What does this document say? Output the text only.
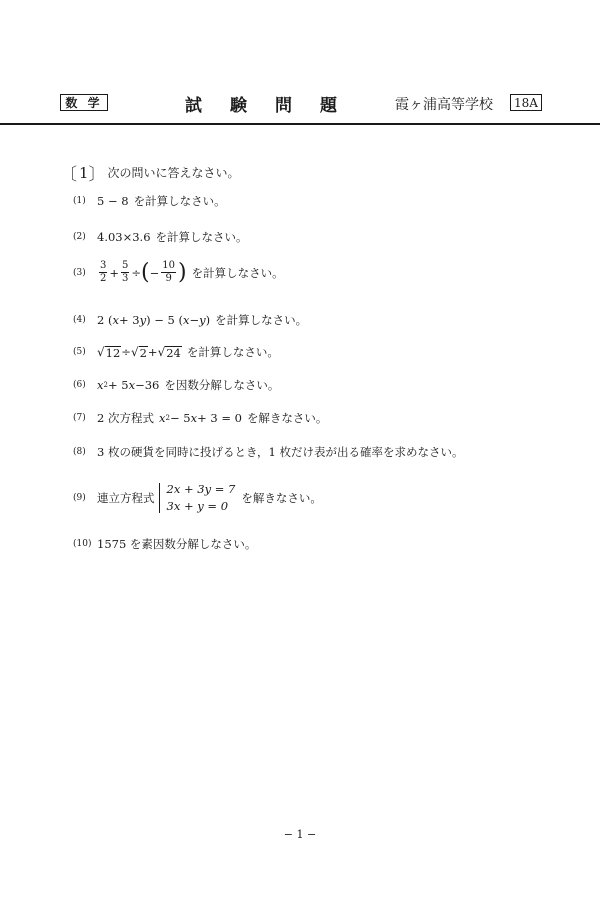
数 学	試験問題 霞ヶ浦高等学校	18A
〔 1 〕 次の問いに答えなさい。
(1) 5 − 8 を計算しなさい。
(2) 4.03×3.6 を計算しなさい。
(3)	$\frac{3}{2} + \frac{5}{3}$ ÷ ( − $\frac{10}{9}$ ) を計算しなさい。
(4) 2 ( x + 3 y ) − 5 ( x − y ) を計算しなさい。
(5) √ 12 ÷ √ 2 + √ 24 を計算しなさい。
(6) x 2 + 5 x −36 を因数分解しなさい。
(7) 2 次方程式 x 2 − 5 x + 3 = 0 を解きなさい。
(8) 3 枚の硬貨を同時に投げるとき，1 枚だけ表が出る確率を求めなさい。
(9) 連立方程式
2x + 3y = 7
3x + y = 0
を解きなさい。
(10) 1575 を素因数分解しなさい。
− 1 −
